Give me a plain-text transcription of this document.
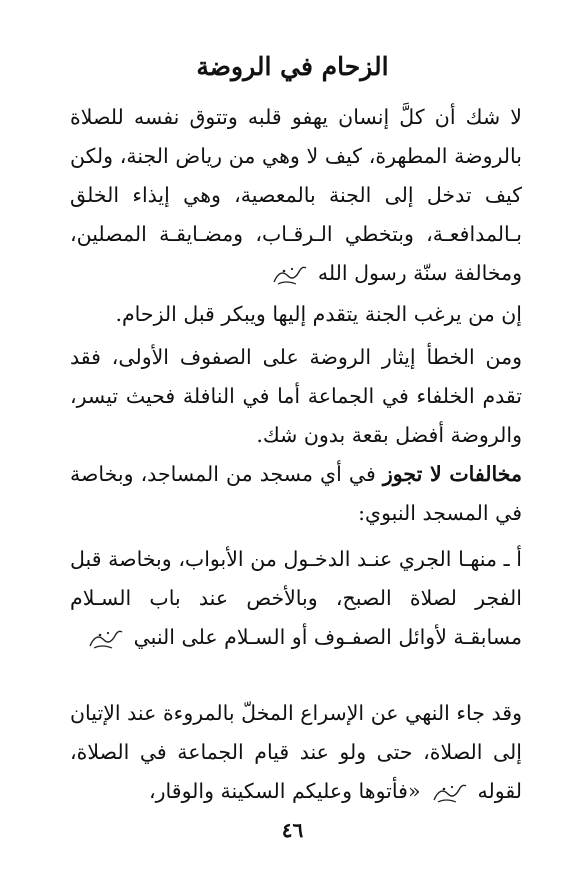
الزحام في الروضة
لا شك أن كلَّ إنسان يهفو قلبه وتتوق نفسه للصلاة بالروضة المطهرة، كيف لا وهي من رياض الجنة، ولكن كيف تدخل إلى الجنة بالمعصية، وهي إيذاء الخلق بـالمدافعـة، وبتخطي الـرقـاب، ومضـايقـة المصلين، ومخالفة سنّة رسول الله
إن من يرغب الجنة يتقدم إليها ويبكر قبل الزحام.
ومن الخطأ إيثار الروضة على الصفوف الأولى، فقد تقدم الخلفاء في الجماعة أما في النافلة فحيث تيسر، والروضة أفضل بقعة بدون شك.
مخالفات لا تجوز في أي مسجد من المساجد، وبخاصة في المسجد النبوي:
أ ـ منهـا الجري عنـد الدخـول من الأبواب، وبخاصة قبل الفجر لصلاة الصبح، وبالأخص عند باب السـلام مسابقـة لأوائل الصفـوف أو السـلام على النبي
وقد جاء النهي عن الإسراع المخلّ بالمروءة عند الإتيان إلى الصلاة، حتى ولو عند قيام الجماعة في الصلاة، لقوله
«فأتوها وعليكم السكينة والوقار،
٤٦
